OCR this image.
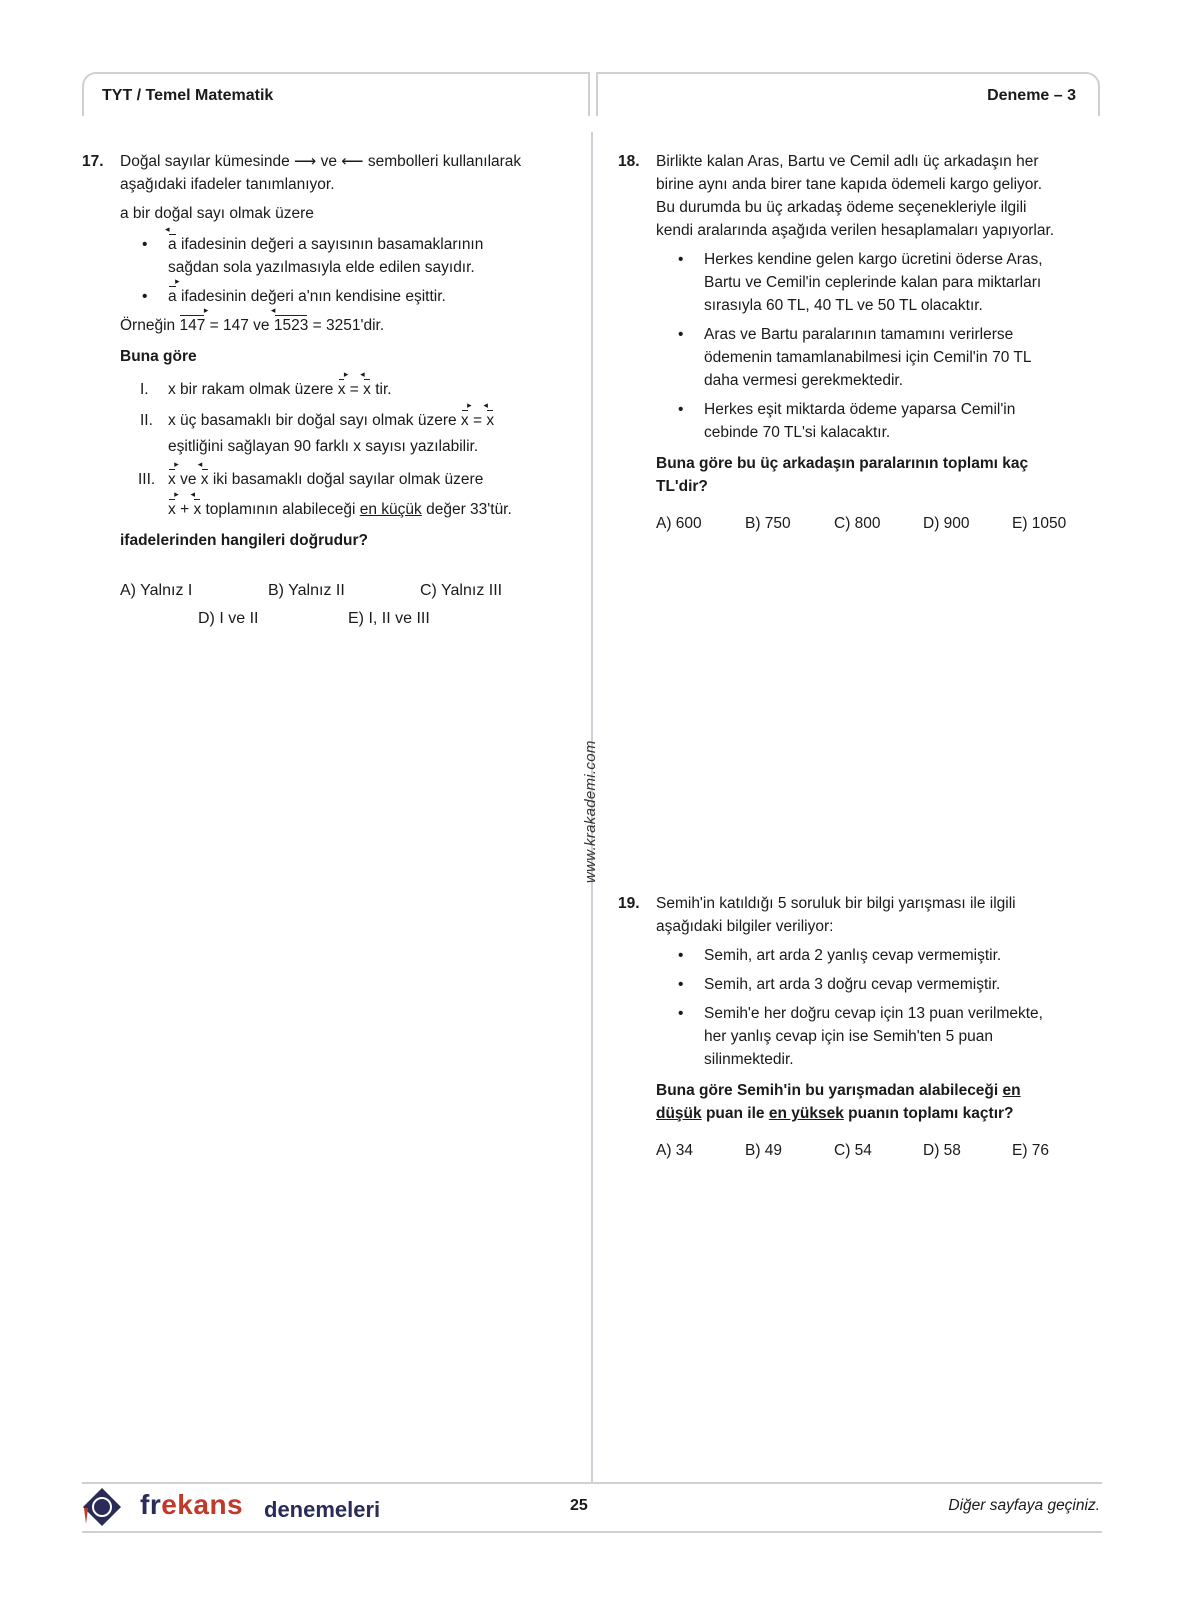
TYT / Temel Matematik	Deneme – 3
www.krakademi.com
17. Doğal sayılar kümesinde ⟶ ve ⟵ sembolleri kullanılarak
aşağıdaki ifadeler tanımlanıyor.
a bir doğal sayı olmak üzere
• a ◂ ifadesinin değeri a sayısının basamaklarının
sağdan sola yazılmasıyla elde edilen sayıdır.
• a ▸ ifadesinin değeri a'nın kendisine eşittir.
Örneğin 147 ▸ = 147 ve 1523 ◂ = 3251'dir.
Buna göre
I. x bir rakam olmak üzere x ▸ = x ◂ tir.
II. x üç basamaklı bir doğal sayı olmak üzere x ▸ = x ◂
eşitliğini sağlayan 90 farklı x sayısı yazılabilir.
III. x ▸ ve x ◂ iki basamaklı doğal sayılar olmak üzere
x ▸ + x ◂ toplamının alabileceği en küçük değer 33'tür.
ifadelerinden hangileri doğrudur?
A) Yalnız I	B) Yalnız II	C) Yalnız III
D) I ve II	E) I, II ve III
18. Birlikte kalan Aras, Bartu ve Cemil adlı üç arkadaşın her
birine aynı anda birer tane kapıda ödemeli kargo geliyor.
Bu durumda bu üç arkadaş ödeme seçenekleriyle ilgili
kendi aralarında aşağıda verilen hesaplamaları yapıyorlar.
• Herkes kendine gelen kargo ücretini öderse Aras,
Bartu ve Cemil'in ceplerinde kalan para miktarları
sırasıyla 60 TL, 40 TL ve 50 TL olacaktır.
• Aras ve Bartu paralarının tamamını verirlerse
ödemenin tamamlanabilmesi için Cemil'in 70 TL
daha vermesi gerekmektedir.
• Herkes eşit miktarda ödeme yaparsa Cemil'in
cebinde 70 TL'si kalacaktır.
Buna göre bu üç arkadaşın paralarının toplamı kaç
TL'dir?
A) 600	B) 750	C) 800	D) 900	E) 1050
19. Semih'in katıldığı 5 soruluk bir bilgi yarışması ile ilgili
aşağıdaki bilgiler veriliyor:
• Semih, art arda 2 yanlış cevap vermemiştir.
• Semih, art arda 3 doğru cevap vermemiştir.
• Semih'e her doğru cevap için 13 puan verilmekte,
her yanlış cevap için ise Semih'ten 5 puan
silinmektedir.
Buna göre Semih'in bu yarışmadan alabileceği en
düşük puan ile en yüksek puanın toplamı kaçtır?
A) 34	B) 49	C) 54	D) 58	E) 76
frekans denemeleri	25	Diğer sayfaya geçiniz.
